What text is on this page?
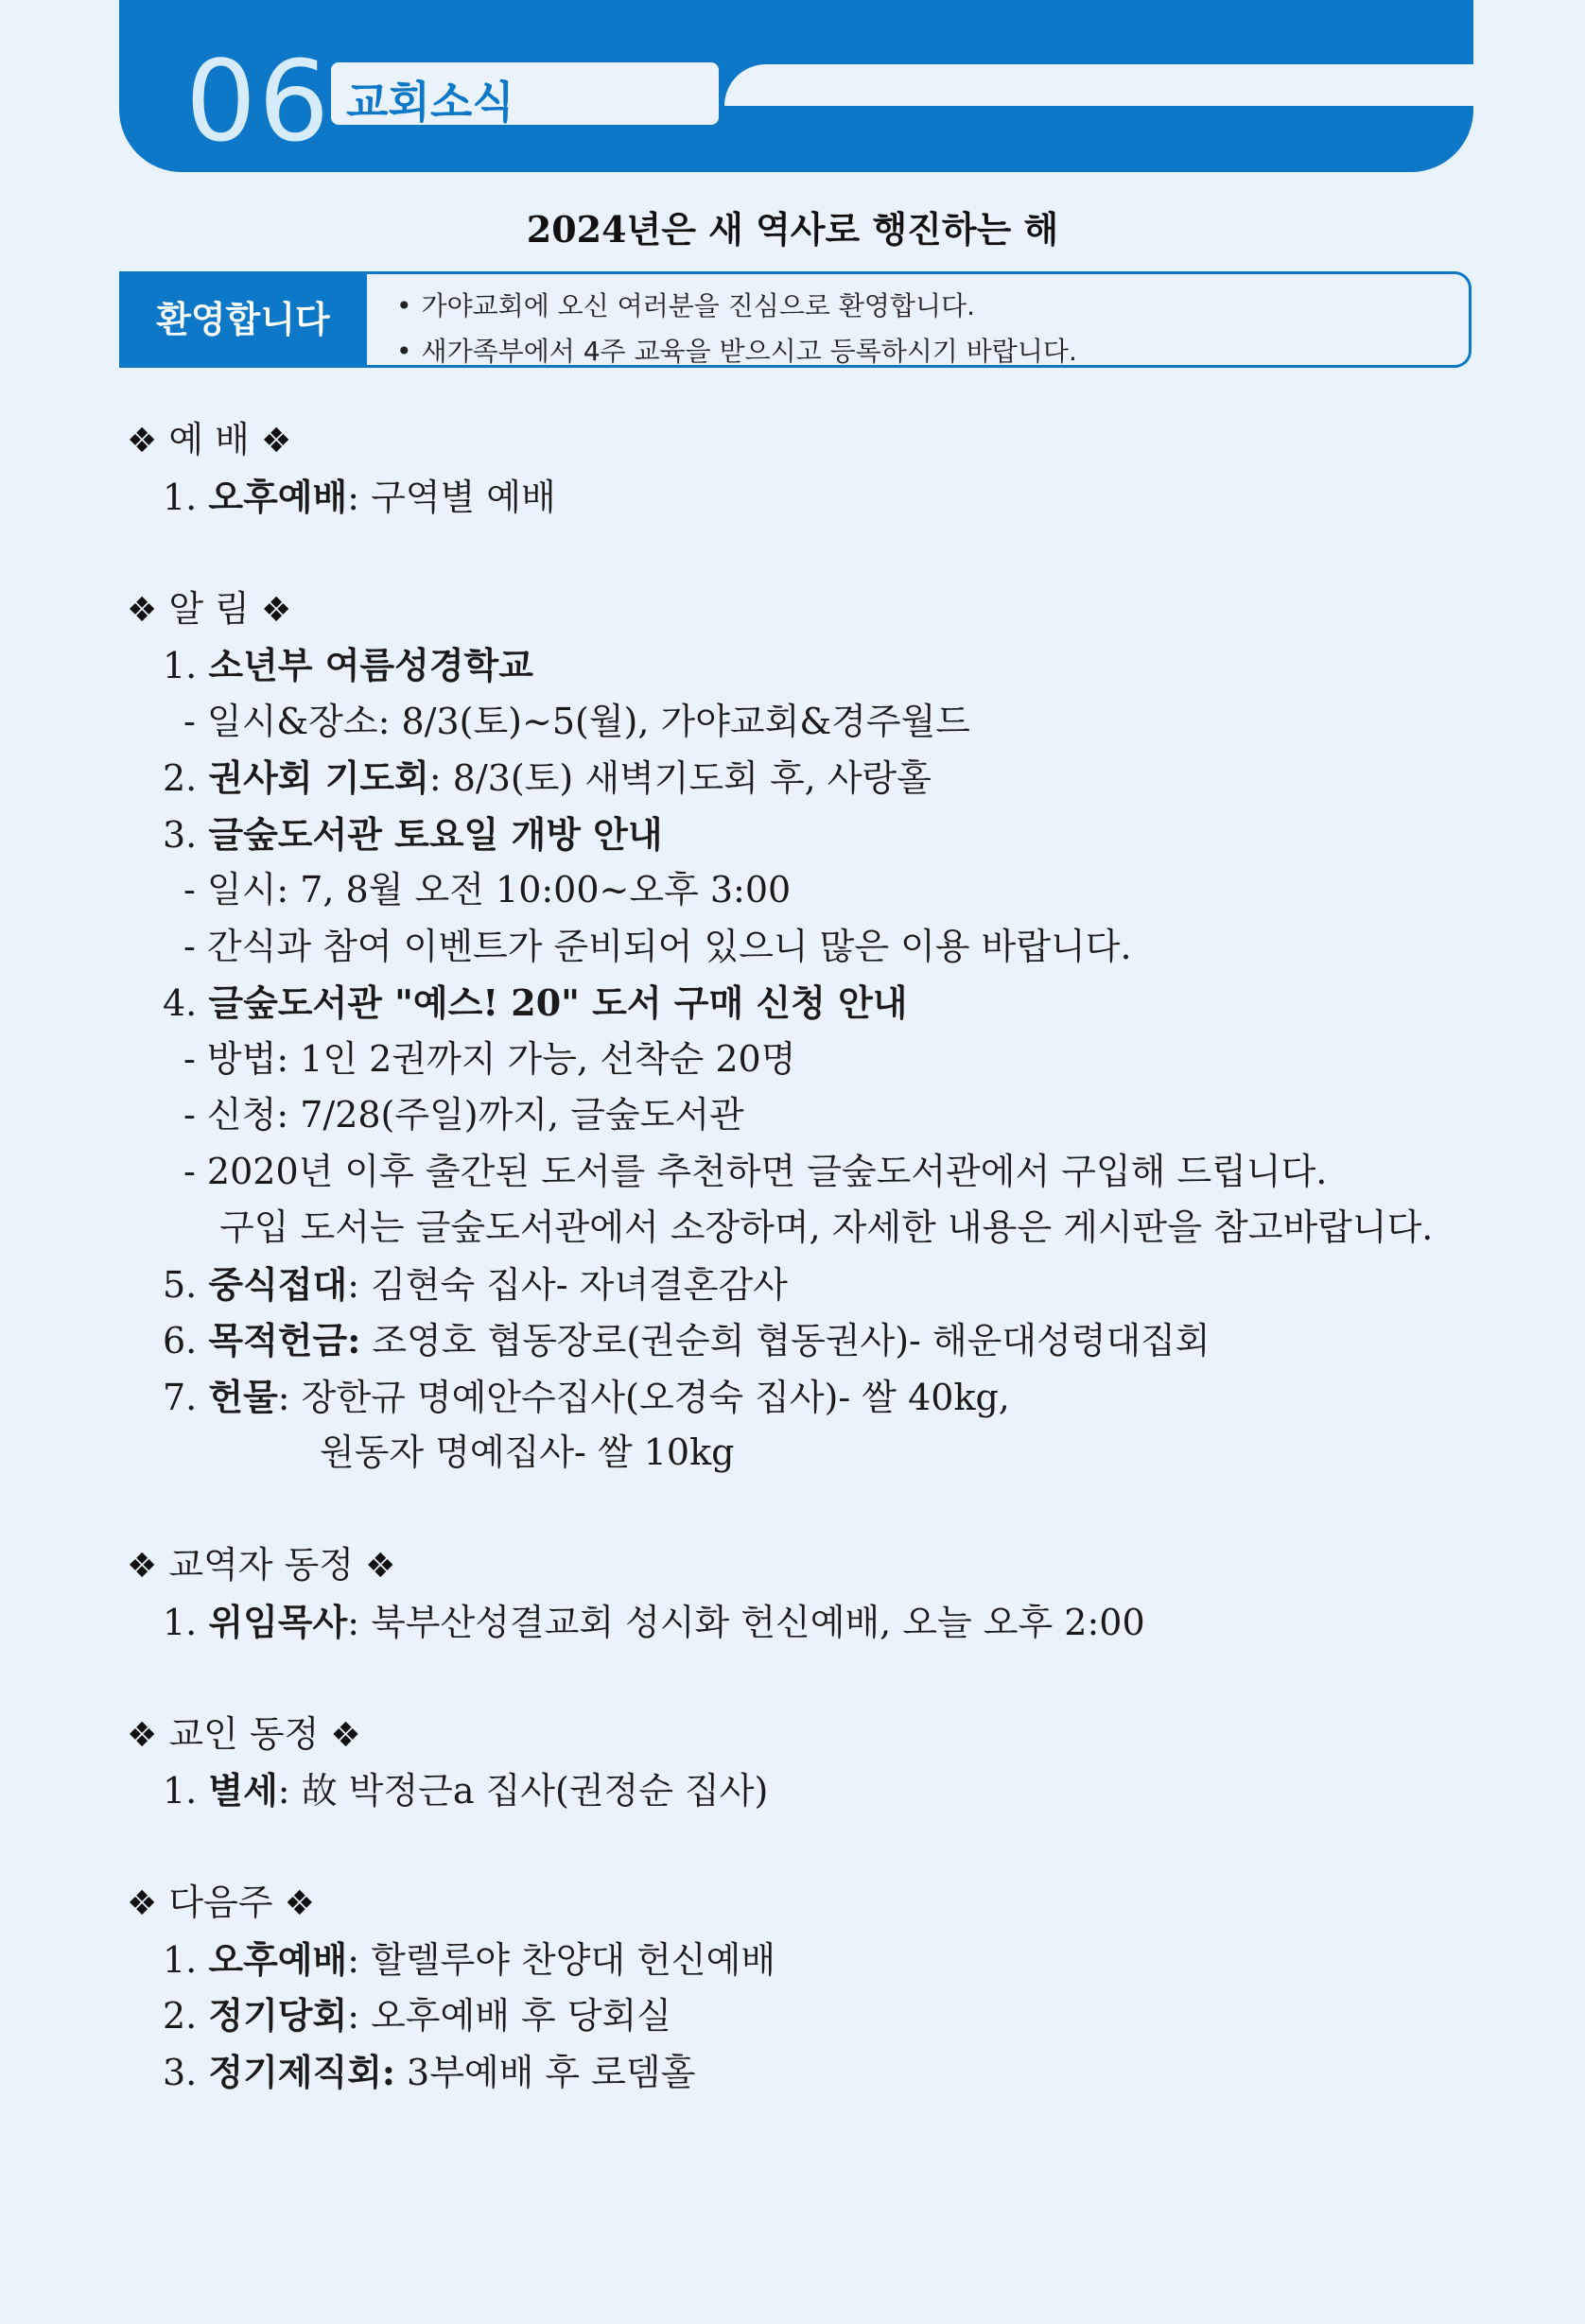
06 교회소식
2024년은 새 역사로 행진하는 해
환영합니다
•	가야교회에 오신 여러분을 진심으로 환영합니다.
• 새가족부에서 4주 교육을 받으시고 등록하시기 바랍니다.
❖ 예 배 ❖
1. 오후예배: 구역별 예배
❖ 알 림 ❖
1. 소년부 여름성경학교
- 일시&장소: 8/3(토)~5(월), 가야교회&경주월드
2. 권사회 기도회: 8/3(토) 새벽기도회 후, 사랑홀
3. 글숲도서관 토요일 개방 안내
- 일시: 7, 8월 오전 10:00~오후 3:00
- 간식과 참여 이벤트가 준비되어 있으니 많은 이용 바랍니다.
4. 글숲도서관 "예스! 20" 도서 구매 신청 안내
- 방법: 1인 2권까지 가능, 선착순 20명
- 신청: 7/28(주일)까지, 글숲도서관
- 2020년 이후 출간된 도서를 추천하면 글숲도서관에서 구입해 드립니다.
구입 도서는 글숲도서관에서 소장하며, 자세한 내용은 게시판을 참고바랍니다.
5. 중식접대: 김현숙 집사- 자녀결혼감사
6. 목적헌금: 조영호 협동장로(권순희 협동권사)- 해운대성령대집회
7. 헌물: 장한규 명예안수집사(오경숙 집사)- 쌀 40kg,
원동자 명예집사- 쌀 10kg
❖ 교역자 동정 ❖
1. 위임목사: 북부산성결교회 성시화 헌신예배, 오늘 오후 2:00
❖ 교인 동정 ❖
1. 별세: 故 박정근a 집사(권정순 집사)
❖ 다음주 ❖
1. 오후예배: 할렐루야 찬양대 헌신예배
2. 정기당회: 오후예배 후 당회실
3. 정기제직회: 3부예배 후 로뎀홀
